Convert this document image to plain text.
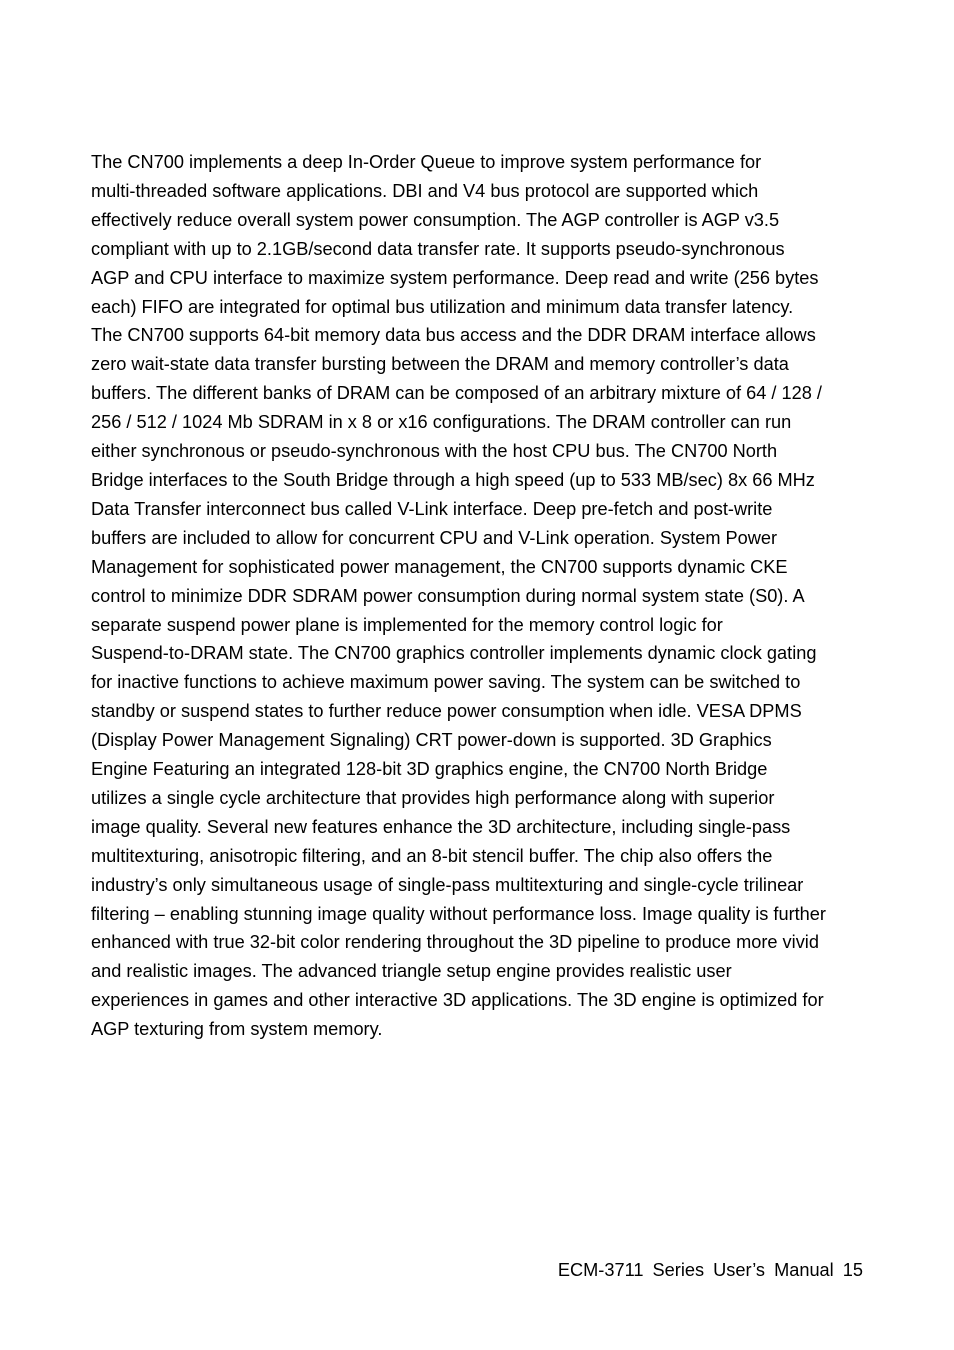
The CN700 implements a deep In-Order Queue to improve system performance for
multi-threaded software applications. DBI and V4 bus protocol are supported which
effectively reduce overall system power consumption. The AGP controller is AGP v3.5
compliant with up to 2.1GB/second data transfer rate. It supports pseudo-synchronous
AGP and CPU interface to maximize system performance. Deep read and write (256 bytes
each) FIFO are integrated for optimal bus utilization and minimum data transfer latency.
The CN700 supports 64-bit memory data bus access and the DDR DRAM interface allows
zero wait-state data transfer bursting between the DRAM and memory controller’s data
buffers. The different banks of DRAM can be composed of an arbitrary mixture of 64 / 128 /
256 / 512 / 1024 Mb SDRAM in x 8 or x16 configurations. The DRAM controller can run
either synchronous or pseudo-synchronous with the host CPU bus. The CN700 North
Bridge interfaces to the South Bridge through a high speed (up to 533 MB/sec) 8x 66 MHz
Data Transfer interconnect bus called V-Link interface. Deep pre-fetch and post-write
buffers are included to allow for concurrent CPU and V-Link operation. System Power
Management for sophisticated power management, the CN700 supports dynamic CKE
control to minimize DDR SDRAM power consumption during normal system state (S0). A
separate suspend power plane is implemented for the memory control logic for
Suspend-to-DRAM state. The CN700 graphics controller implements dynamic clock gating
for inactive functions to achieve maximum power saving. The system can be switched to
standby or suspend states to further reduce power consumption when idle. VESA DPMS
(Display Power Management Signaling) CRT power-down is supported. 3D Graphics
Engine Featuring an integrated 128-bit 3D graphics engine, the CN700 North Bridge
utilizes a single cycle architecture that provides high performance along with superior
image quality. Several new features enhance the 3D architecture, including single-pass
multitexturing, anisotropic filtering, and an 8-bit stencil buffer. The chip also offers the
industry’s only simultaneous usage of single-pass multitexturing and single-cycle trilinear
filtering – enabling stunning image quality without performance loss. Image quality is further
enhanced with true 32-bit color rendering throughout the 3D pipeline to produce more vivid
and realistic images. The advanced triangle setup engine provides realistic user
experiences in games and other interactive 3D applications. The 3D engine is optimized for
AGP texturing from system memory.

ECM-3711 Series User’s Manual 15
